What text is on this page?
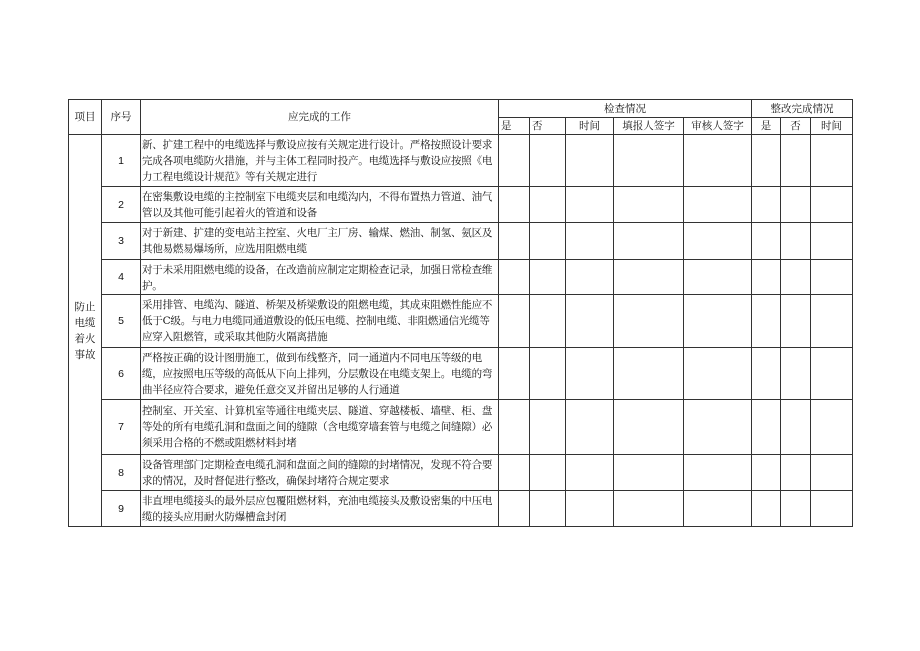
项目	序号	应完成的工作	检查情况					整改完成情况		
			是	否	时间	填报人签字	审核人签字	是	否	时间
防止电缆着火事故	1	新、扩建工程中的电缆选择与敷设应按有关规定进行设计。严格按照设计要求完成各项电缆防火措施，并与主体工程同时投产。电缆选择与敷设应按照《电力工程电缆设计规范》等有关规定进行								
	2	在密集敷设电缆的主控制室下电缆夹层和电缆沟内，不得布置热力管道、油气管以及其他可能引起着火的管道和设备								
	3	对于新建、扩建的变电站主控室、火电厂主厂房、输煤、燃油、制氢、氨区及其他易燃易爆场所，应选用阻燃电缆								
	4	对于未采用阻燃电缆的设备，在改造前应制定定期检查记录，加强日常检查维护。								
	5	采用排管、电缆沟、隧道、桥架及桥梁敷设的阻燃电缆，其成束阻燃性能应不低于C级。与电力电缆同通道敷设的低压电缆、控制电缆、非阻燃通信光缆等应穿入阻燃管，或采取其他防火隔离措施								
	6	严格按正确的设计图册施工，做到布线整齐，同一通道内不同电压等级的电缆，应按照电压等级的高低从下向上排列，分层敷设在电缆支架上。电缆的弯曲半径应符合要求，避免任意交叉并留出足够的人行通道								
	7	控制室、开关室、计算机室等通往电缆夹层、隧道、穿越楼板、墙壁、柜、盘等处的所有电缆孔洞和盘面之间的缝隙（含电缆穿墙套管与电缆之间缝隙）必须采用合格的不燃或阻燃材料封堵								
	8	设备管理部门定期检查电缆孔洞和盘面之间的缝隙的封堵情况，发现不符合要求的情况，及时督促进行整改，确保封堵符合规定要求								
	9	非直埋电缆接头的最外层应包覆阻燃材料，充油电缆接头及敷设密集的中压电缆的接头应用耐火防爆槽盒封闭								
